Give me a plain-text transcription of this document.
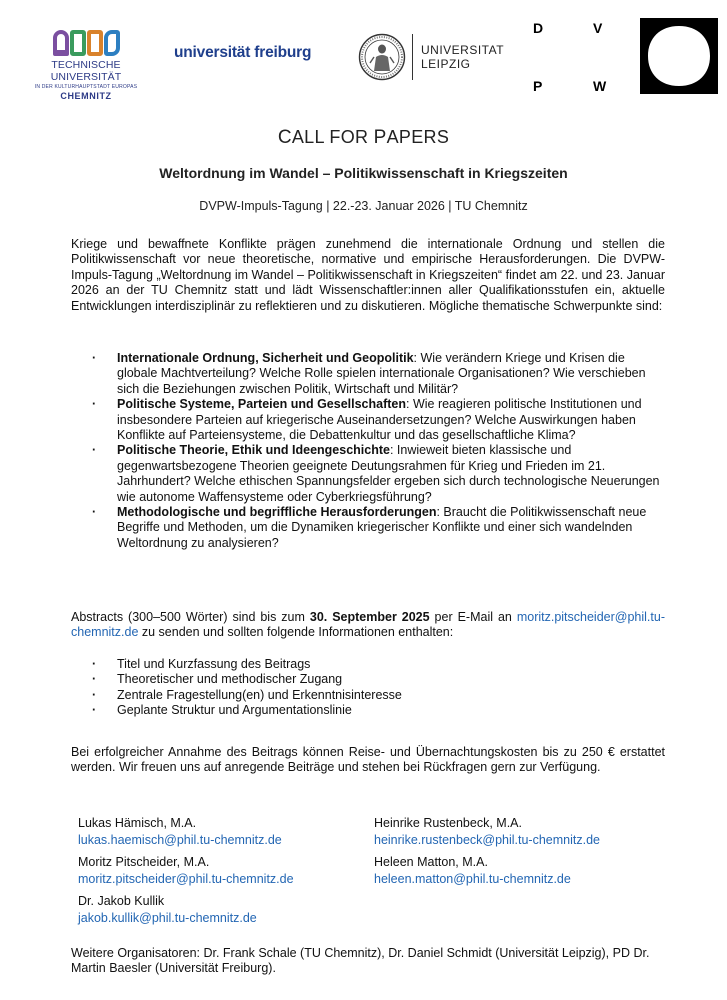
TECHNISCHE UNIVERSITÄT
IN DER KULTURHAUPTSTADT EUROPAS
CHEMNITZ
universität freiburg	UNIVERSITAT
LEIPZIG
D	V
P	W
CALL FOR PAPERS
Weltordnung im Wandel – Politikwissenschaft in Kriegszeiten
DVPW-Impuls-Tagung | 22.-23. Januar 2026 | TU Chemnitz

Kriege und bewaffnete Konflikte prägen zunehmend die internationale Ordnung und stellen die Politikwissenschaft vor neue theoretische, normative und empirische Herausforderungen. Die DVPW-Impuls-Tagung „Weltordnung im Wandel – Politikwissenschaft in Kriegszeiten“ findet am 22. und 23. Januar 2026 an der TU Chemnitz statt und lädt Wissenschaftler:innen aller Qualifikationsstufen ein, aktuelle Entwicklungen interdisziplinär zu reflektieren und zu diskutieren. Mögliche thematische Schwerpunkte sind:

· Internationale Ordnung, Sicherheit und Geopolitik: Wie verändern Kriege und Krisen die globale Machtverteilung? Welche Rolle spielen internationale Organisationen? Wie verschieben sich die Beziehungen zwischen Politik, Wirtschaft und Militär?
· Politische Systeme, Parteien und Gesellschaften: Wie reagieren politische Institutionen und insbesondere Parteien auf kriegerische Auseinandersetzungen? Welche Auswirkungen haben Konflikte auf Parteiensysteme, die Debattenkultur und das gesellschaftliche Klima?
· Politische Theorie, Ethik und Ideengeschichte: Inwieweit bieten klassische und gegenwartsbezogene Theorien geeignete Deutungsrahmen für Krieg und Frieden im 21. Jahrhundert? Welche ethischen Spannungsfelder ergeben sich durch technologische Neuerungen wie autonome Waffensysteme oder Cyberkriegsführung?
· Methodologische und begriffliche Herausforderungen: Braucht die Politikwissenschaft neue Begriffe und Methoden, um die Dynamiken kriegerischer Konflikte und einer sich wandelnden Weltordnung zu analysieren?

Abstracts (300–500 Wörter) sind bis zum 30. September 2025 per E-Mail an moritz.pitscheider@phil.tu-chemnitz.de zu senden und sollten folgende Informationen enthalten:

· Titel und Kurzfassung des Beitrags
· Theoretischer und methodischer Zugang
· Zentrale Fragestellung(en) und Erkenntnisinteresse
· Geplante Struktur und Argumentationslinie

Bei erfolgreicher Annahme des Beitrags können Reise- und Übernachtungskosten bis zu 250 € erstattet werden. Wir freuen uns auf anregende Beiträge und stehen bei Rückfragen gern zur Verfügung.

Lukas Hämisch, M.A.
lukas.haemisch@phil.tu-chemnitz.de
Heinrike Rustenbeck, M.A.
heinrike.rustenbeck@phil.tu-chemnitz.de
Moritz Pitscheider, M.A.
moritz.pitscheider@phil.tu-chemnitz.de
Heleen Matton, M.A.
heleen.matton@phil.tu-chemnitz.de
Dr. Jakob Kullik
jakob.kullik@phil.tu-chemnitz.de

Weitere Organisatoren: Dr. Frank Schale (TU Chemnitz), Dr. Daniel Schmidt (Universität Leipzig), PD Dr. Martin Baesler (Universität Freiburg).
